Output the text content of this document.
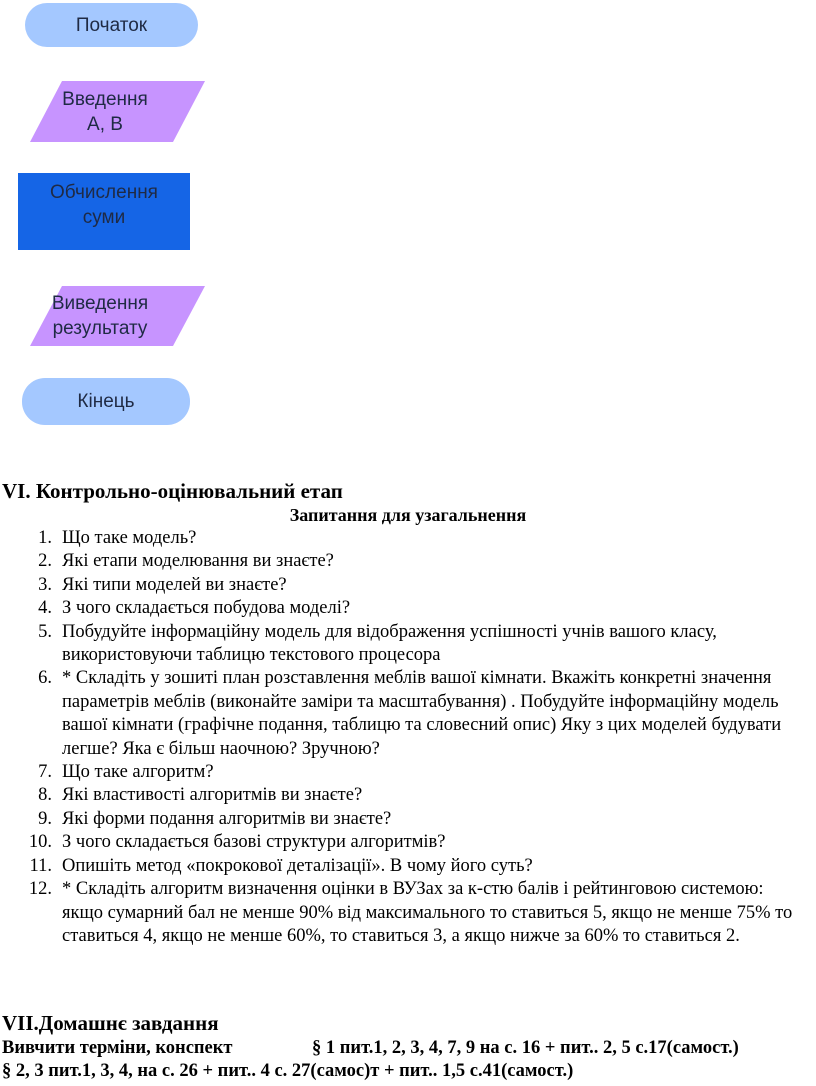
Початок
Введення
А, В
Обчислення
суми
Виведення
результату
Кінець
VI. Контрольно-оцінювальний етап
Запитання для узагальнення
1. Що таке модель?
2. Які етапи моделювання ви знаєте?
3. Які типи моделей ви знаєте?
4. З чого складається побудова моделі?
5. Побудуйте інформаційну модель для відображення успішності учнів вашого класу, використовуючи таблицю текстового процесора
6. * Складіть у зошиті план розставлення меблів вашої кімнати. Вкажіть конкретні значення параметрів меблів (виконайте заміри та масштабування) . Побудуйте інформаційну модель вашої кімнати (графічне подання, таблицю та словесний опис) Яку з цих моделей будувати легше? Яка є більш наочною? Зручною?
7. Що таке алгоритм?
8. Які властивості алгоритмів ви знаєте?
9. Які форми подання алгоритмів ви знаєте?
10. З чого складається базові структури алгоритмів?
11. Опишіть метод «покрокової деталізації». В чому його суть?
12. * Складіть алгоритм визначення оцінки в ВУЗах за к-стю балів і рейтинговою системою: якщо сумарний бал не менше 90% від максимального то ставиться 5, якщо не менше 75% то ставиться 4, якщо не менше 60%, то ставиться 3, а якщо нижче за 60% то ставиться 2.
VII.Домашнє завдання

Вивчити терміни, конспект	§ 1 пит.1, 2, 3, 4, 7, 9 на с. 16 + пит.. 2, 5 с.17(самост.)

§ 2, 3 пит.1, 3, 4, на с. 26 + пит.. 4 с. 27(самос)т + пит.. 1,5 с.41(самост.)
